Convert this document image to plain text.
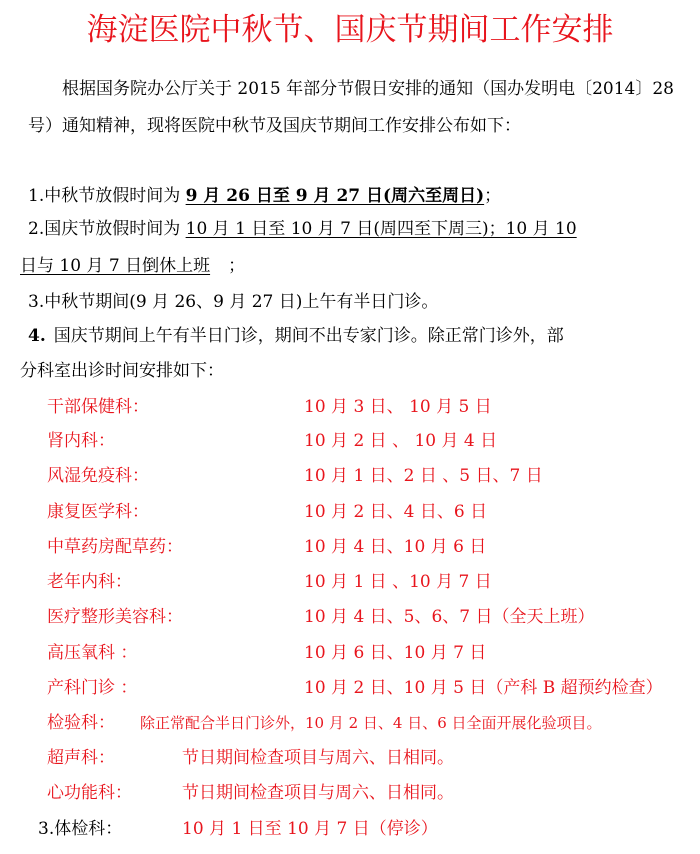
海淀医院中秋节、国庆节期间工作安排

根据国务院办公厅关于 2015 年部分节假日安排的通知（国办发明电〔2014〕28 号）通知精神，现将医院中秋节及国庆节期间工作安排公布如下：

1.中秋节放假时间为 9 月 26 日至 9 月 27 日(周六至周日)；
2.国庆节放假时间为 10 月 1 日至 10 月 7 日(周四至下周三)；10 月 10
日与 10 月 7 日倒休上班 ；
3.中秋节期间(9 月 26、9 月 27 日)上午有半日门诊。
4. 国庆节期间上午有半日门诊，期间不出专家门诊。除正常门诊外，部
分科室出诊时间安排如下：
干部保健科：	10 月 3 日、 10 月 5 日
肾内科：	10 月 2 日 、 10 月 4 日
风湿免疫科：	10 月 1 日、2 日 、5 日、7 日
康复医学科：	10 月 2 日、4 日、6 日
中草药房配草药：	10 月 4 日、10 月 6 日
老年内科：	10 月 1 日 、10 月 7 日
医疗整形美容科：	10 月 4 日、5、6、7 日（全天上班）
高压氧科 ：	10 月 6 日、10 月 7 日
产科门诊 ：	10 月 2 日、10 月 5 日（产科 B 超预约检查）
检验科： 除正常配合半日门诊外，10 月 2 日、4 日、6 日全面开展化验项目。
超声科：	节日期间检查项目与周六、日相同。
心功能科：	节日期间检查项目与周六、日相同。
3.体检科：	10 月 1 日至 10 月 7 日（停诊）
